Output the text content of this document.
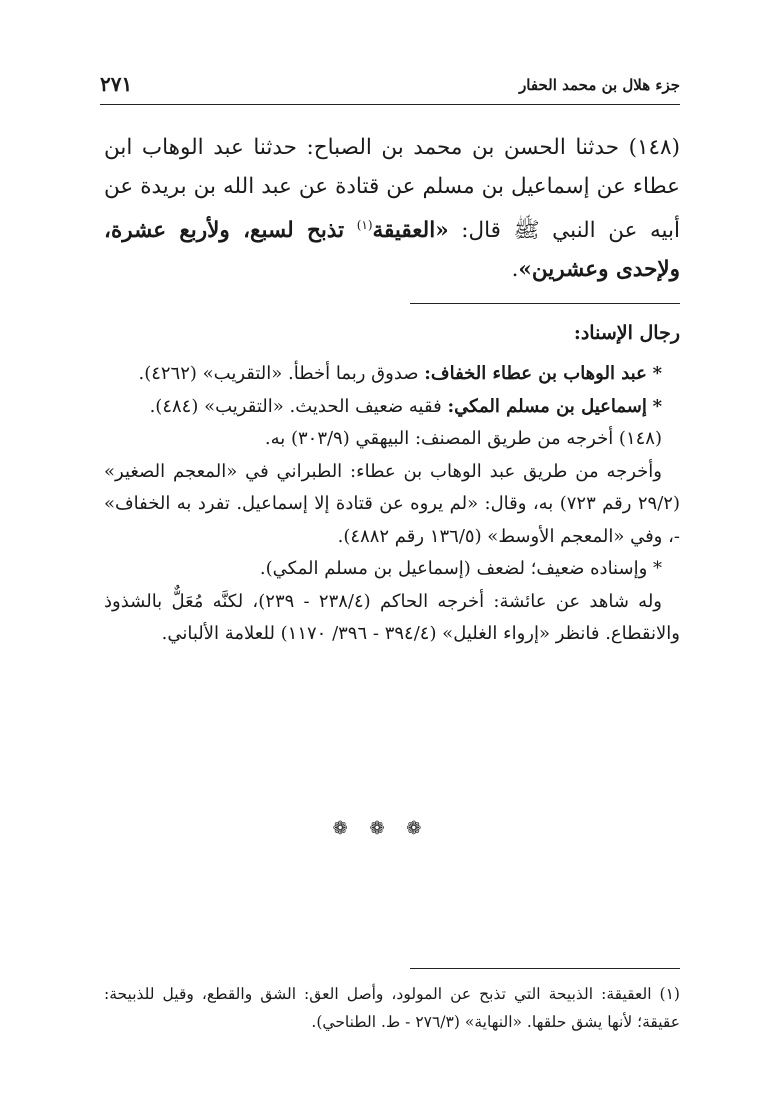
جزء هلال بن محمد الحفار
٢٧١
(١٤٨) حدثنا الحسن بن محمد بن الصباح: حدثنا عبد الوهاب ابن عطاء عن إسماعيل بن مسلم عن قتادة عن عبد الله بن بريدة عن أبيه عن النبي ﷺ قال: «العقيقة$^{(١)}$ تذبح لسبع، ولأربع عشرة، ولإحدى وعشرين».
رجال الإسناد:

* عبد الوهاب بن عطاء الخفاف: صدوق ربما أخطأ. «التقريب» (٤٢٦٢).

* إسماعيل بن مسلم المكي: فقيه ضعيف الحديث. «التقريب» (٤٨٤).

(١٤٨) أخرجه من طريق المصنف: البيهقي (٣٠٣/٩) به.

وأخرجه من طريق عبد الوهاب بن عطاء: الطبراني في «المعجم الصغير» (٢٩/٢ رقم ٧٢٣) به، وقال: «لم يروه عن قتادة إلا إسماعيل. تفرد به الخفاف» -، وفي «المعجم الأوسط» (١٣٦/٥ رقم ٤٨٨٢).

* وإسناده ضعيف؛ لضعف (إسماعيل بن مسلم المكي).

وله شاهد عن عائشة: أخرجه الحاكم (٢٣٨/٤ - ٢٣٩)، لكنَّه مُعَلٌّ بالشذوذ والانقطاع. فانظر «إرواء الغليل» (٣٩٤/٤ - ٣٩٦/ ١١٧٠) للعلامة الألباني.

❁ ❁ ❁
(١) العقيقة: الذبيحة التي تذبح عن المولود، وأصل العق: الشق والقطع، وقيل للذبيحة: عقيقة؛ لأنها يشق حلقها. «النهاية» (٢٧٦/٣ - ط. الطناحي).
